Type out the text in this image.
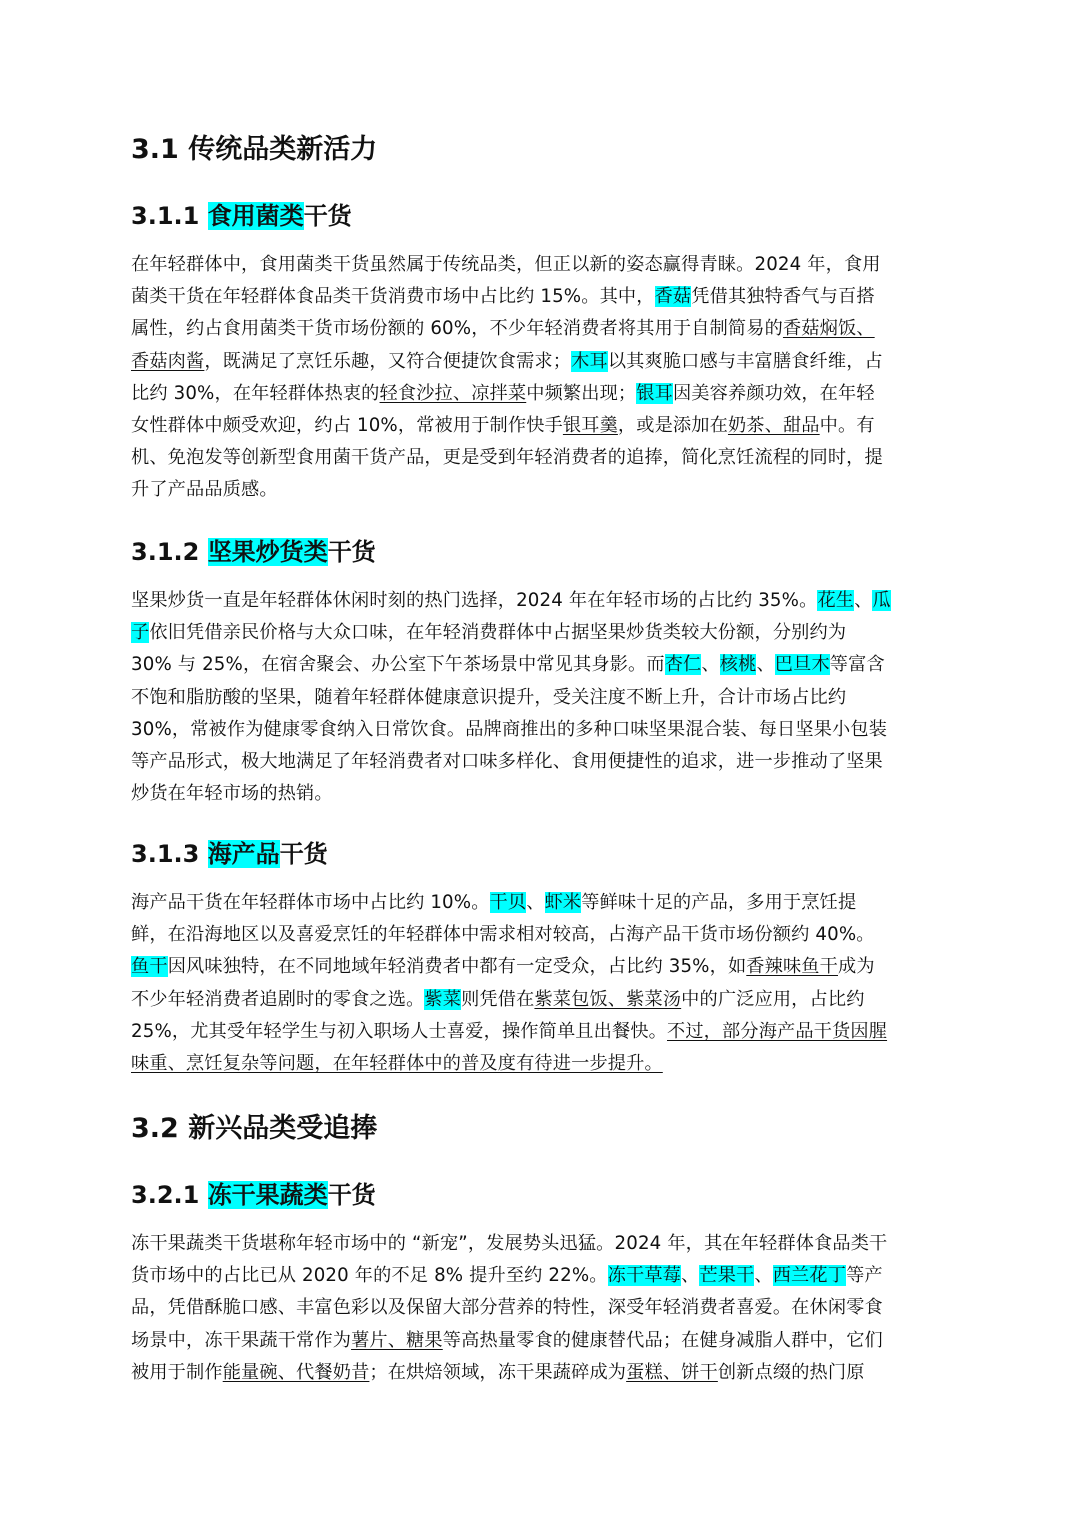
3.1 传统品类新活力
3.1.1 食用菌类干货
在年轻群体中，食用菌类干货虽然属于传统品类，但正以新的姿态赢得青睐。2024 年，食用
菌类干货在年轻群体食品类干货消费市场中占比约 15%。其中，香菇凭借其独特香气与百搭
属性，约占食用菌类干货市场份额的 60%，不少年轻消费者将其用于自制简易的香菇焖饭、
香菇肉酱，既满足了烹饪乐趣，又符合便捷饮食需求；木耳以其爽脆口感与丰富膳食纤维，占
比约 30%，在年轻群体热衷的轻食沙拉、凉拌菜中频繁出现；银耳因美容养颜功效，在年轻
女性群体中颇受欢迎，约占 10%，常被用于制作快手银耳羹，或是添加在奶茶、甜品中。有
机、免泡发等创新型食用菌干货产品，更是受到年轻消费者的追捧，简化烹饪流程的同时，提
升了产品品质感。
3.1.2 坚果炒货类干货
坚果炒货一直是年轻群体休闲时刻的热门选择，2024 年在年轻市场的占比约 35%。花生、瓜
子依旧凭借亲民价格与大众口味，在年轻消费群体中占据坚果炒货类较大份额，分别约为
30% 与 25%，在宿舍聚会、办公室下午茶场景中常见其身影。而杏仁、核桃、巴旦木等富含
不饱和脂肪酸的坚果，随着年轻群体健康意识提升，受关注度不断上升，合计市场占比约
30%，常被作为健康零食纳入日常饮食。品牌商推出的多种口味坚果混合装、每日坚果小包装
等产品形式，极大地满足了年轻消费者对口味多样化、食用便捷性的追求，进一步推动了坚果
炒货在年轻市场的热销。
3.1.3 海产品干货
海产品干货在年轻群体市场中占比约 10%。干贝、虾米等鲜味十足的产品，多用于烹饪提
鲜，在沿海地区以及喜爱烹饪的年轻群体中需求相对较高，占海产品干货市场份额约 40%。
鱼干因风味独特，在不同地域年轻消费者中都有一定受众，占比约 35%，如香辣味鱼干成为
不少年轻消费者追剧时的零食之选。紫菜则凭借在紫菜包饭、紫菜汤中的广泛应用，占比约
25%，尤其受年轻学生与初入职场人士喜爱，操作简单且出餐快。不过，部分海产品干货因腥
味重、烹饪复杂等问题，在年轻群体中的普及度有待进一步提升。
3.2 新兴品类受追捧
3.2.1 冻干果蔬类干货
冻干果蔬类干货堪称年轻市场中的 “新宠”，发展势头迅猛。2024 年，其在年轻群体食品类干
货市场中的占比已从 2020 年的不足 8% 提升至约 22%。冻干草莓、芒果干、西兰花丁等产
品，凭借酥脆口感、丰富色彩以及保留大部分营养的特性，深受年轻消费者喜爱。在休闲零食
场景中，冻干果蔬干常作为薯片、糖果等高热量零食的健康替代品；在健身减脂人群中，它们
被用于制作能量碗、代餐奶昔；在烘焙领域，冻干果蔬碎成为蛋糕、饼干创新点缀的热门原
